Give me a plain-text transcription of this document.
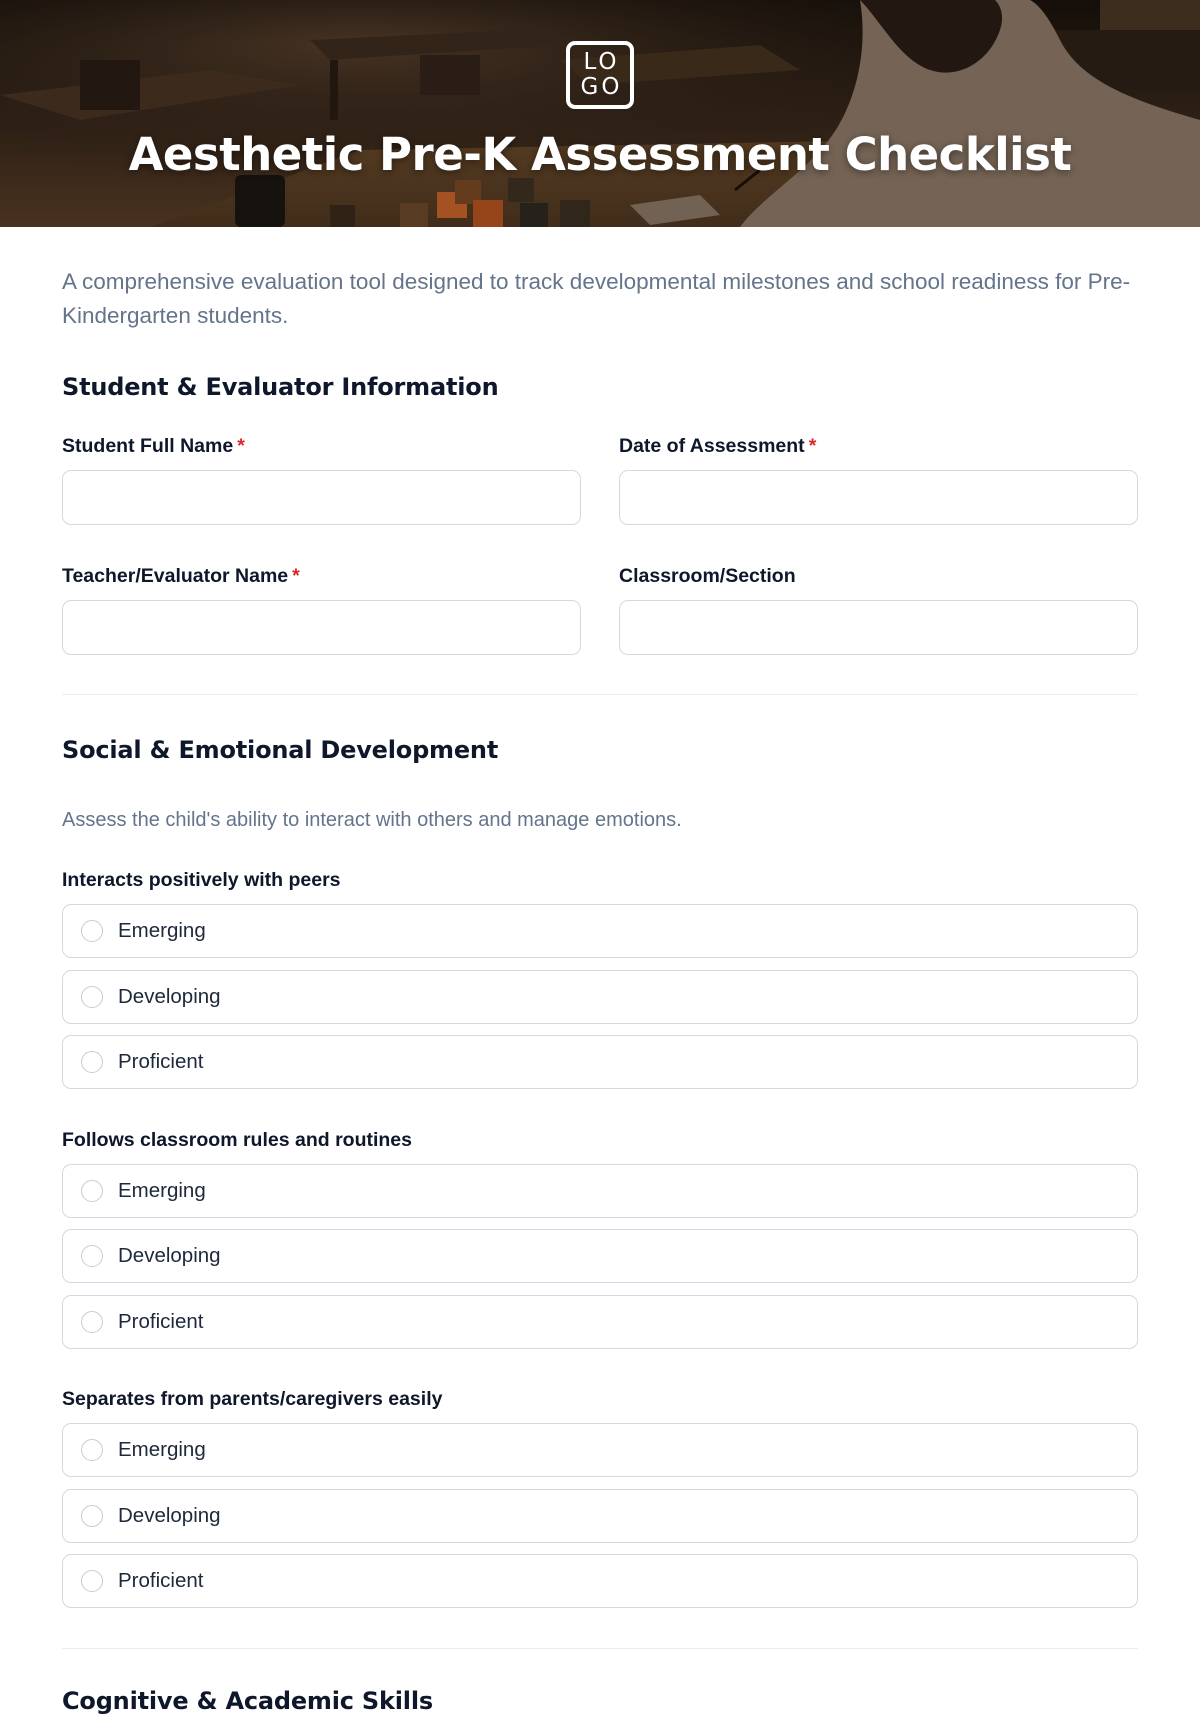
LO
GO
Aesthetic Pre-K Assessment Checklist

A comprehensive evaluation tool designed to track developmental milestones and school readiness for Pre-Kindergarten students.

Student & Evaluator Information
Student Full Name *	Date of Assessment *
Teacher/Evaluator Name *	Classroom/Section
Social & Emotional Development

Assess the child's ability to interact with others and manage emotions.

Interacts positively with peers
Emerging
Developing
Proficient
Follows classroom rules and routines
Emerging
Developing
Proficient
Separates from parents/caregivers easily
Emerging
Developing
Proficient
Cognitive & Academic Skills
